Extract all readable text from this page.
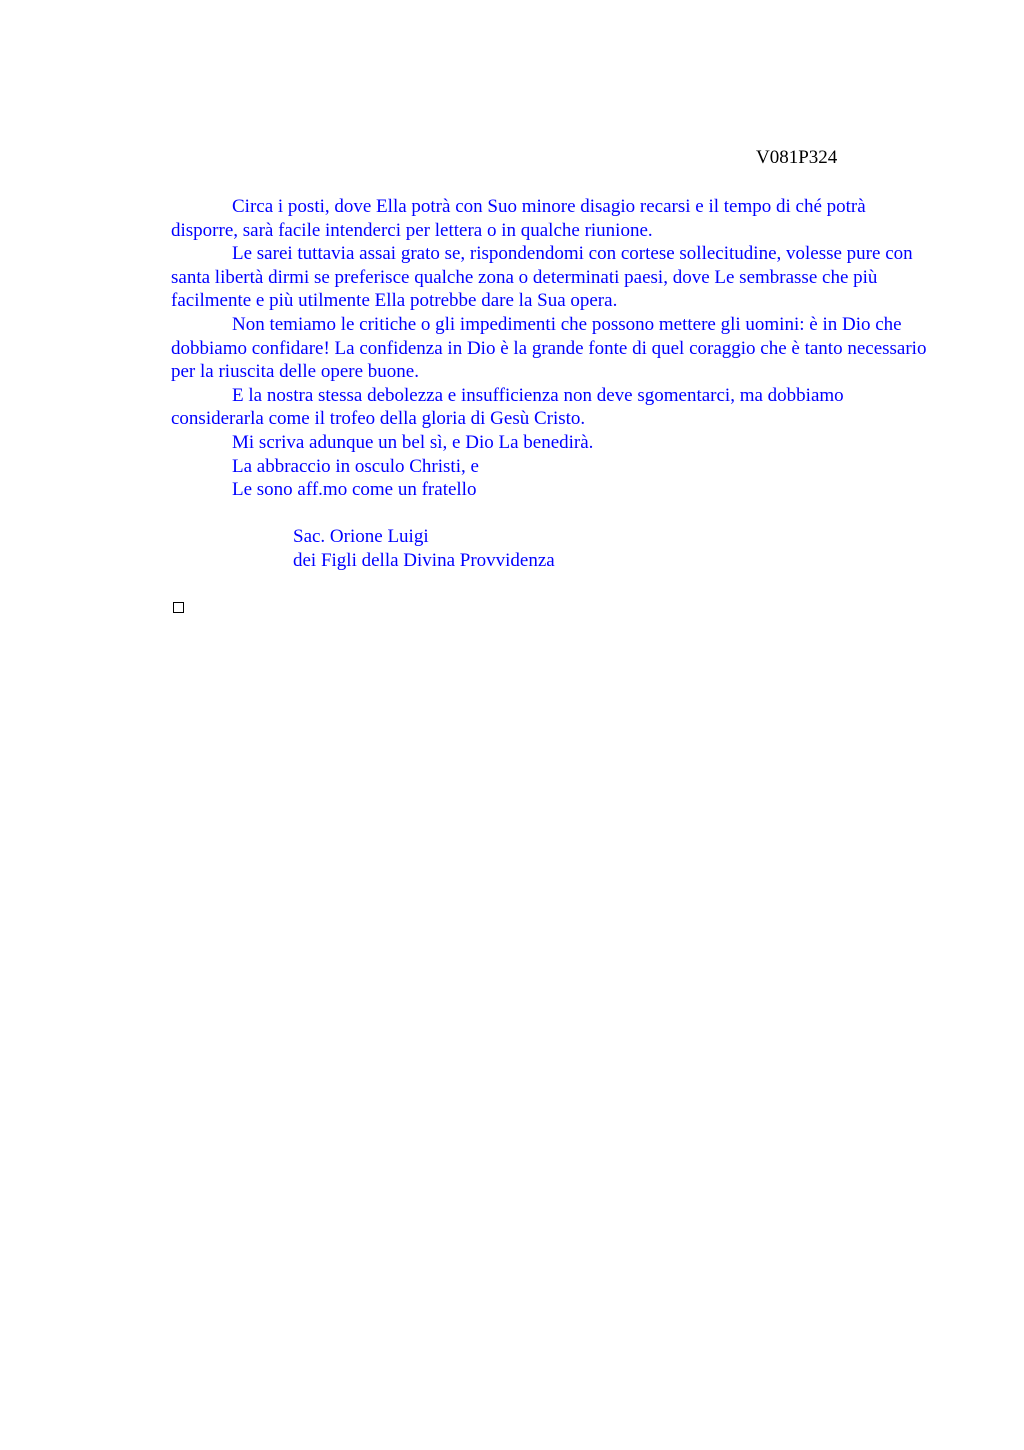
V081P324

Circa i posti, dove Ella potrà con Suo minore disagio recarsi e il tempo di ché potrà disporre, sarà facile intenderci per lettera o in qualche riunione.

Le sarei tuttavia assai grato se, rispondendomi con cortese sollecitudine, volesse pure con santa libertà dirmi se preferisce qualche zona o determinati paesi, dove Le sembrasse che più facilmente e più utilmente Ella potrebbe dare la Sua opera.

Non temiamo le critiche o gli impedimenti che possono mettere gli uomini: è in Dio che dobbiamo confidare! La confidenza in Dio è la grande fonte di quel coraggio che è tanto necessario per la riuscita delle opere buone.

E la nostra stessa debolezza e insufficienza non deve sgomentarci, ma dobbiamo considerarla come il trofeo della gloria di Gesù Cristo.

Mi scriva adunque un bel sì, e Dio La benedirà.

La abbraccio in osculo Christi, e

Le sono aff.mo come un fratello

Sac. Orione Luigi

dei Figli della Divina Provvidenza
